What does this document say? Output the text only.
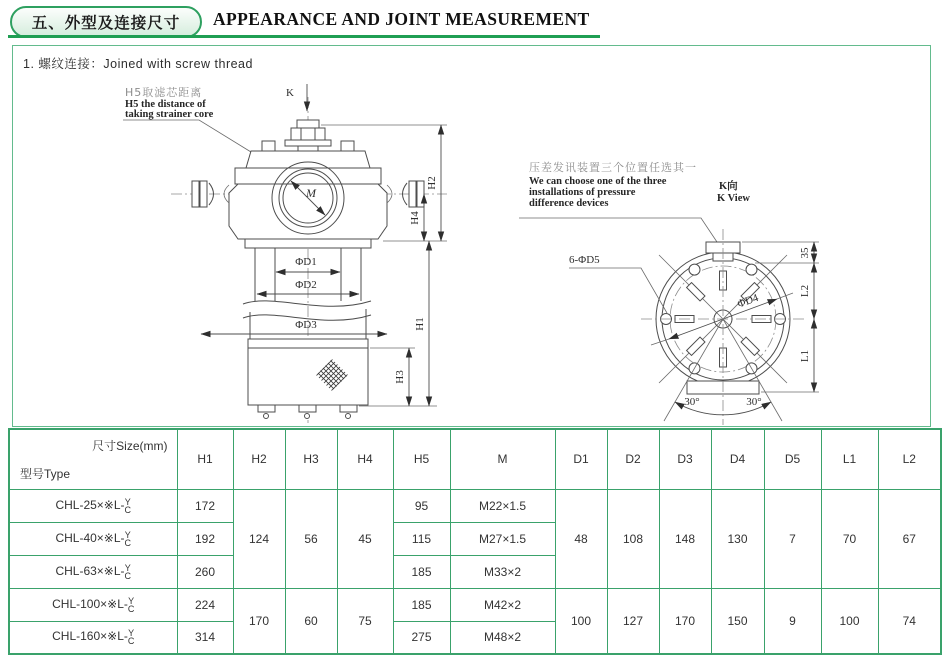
五、外型及连接尺寸 APPEARANCE AND JOINT MEASUREMENT
1. 螺纹连接：Joined with screw thread
K
H5取滤芯距离
H5 the distance of
taking strainer core
M
ΦD1
ΦD2
ΦD3
H2
H4
H1
H3
压差发讯装置三个位置任选其一
We can choose one of the three
installations of pressure
difference devices
K向
K View
ΦD4
35
L2
L1
30°	30°
6-ΦD5
尺寸Size(mm)
型号Type	H1	H2	H3	H4	H5	M	D1	D2	D3	D4	D5	L1	L2
CHL-25×※L- Y
C	172	124	56	45	95	M22×1.5	48	108	148	130	7	70	67
CHL-40×※L- Y
C	192				115	M27×1.5							
CHL-63×※L- Y
C	260				185	M33×2							
CHL-100×※L- Y
C	224	170	60	75	185	M42×2	100	127	170	150	9	100	74
CHL-160×※L- Y
C	314				275	M48×2							
